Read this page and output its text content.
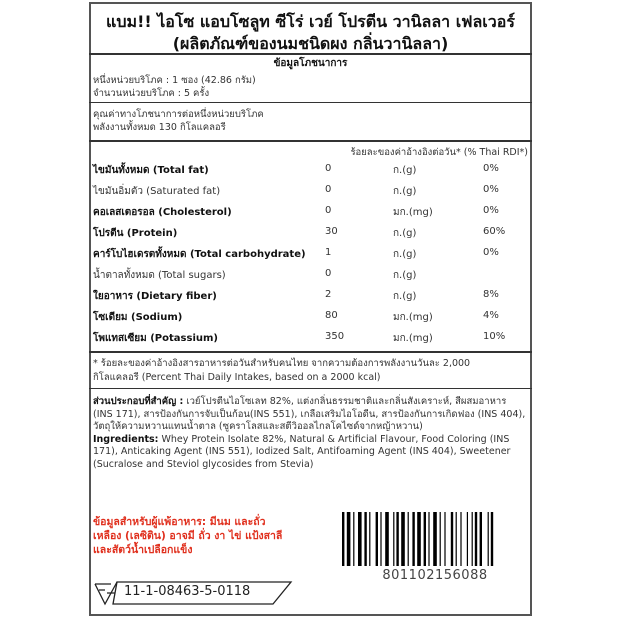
แบม!! ไอโซ แอบโซลูท ซีโร่ เวย์ โปรตีน วานิลลา เฟลเวอร์
(ผลิตภัณฑ์ของนมชนิดผง กลิ่นวานิลลา)
ข้อมูลโภชนาการ
หนึ่งหน่วยบริโภค : 1 ซอง (42.86 กรัม)
จำนวนหน่วยบริโภค : 5 ครั้ง
คุณค่าทางโภชนาการต่อหนึ่งหน่วยบริโภค
พลังงานทั้งหมด 130 กิโลแคลอรี
ร้อยละของค่าอ้างอิงต่อวัน* (% Thai RDI*)
ไขมันทั้งหมด (Total fat)	0	ก.(g)	0%
ไขมันอิ่มตัว (Saturated fat)	0	ก.(g)	0%
คอเลสเตอรอล (Cholesterol)	0	มก.(mg)	0%
โปรตีน (Protein)	30	ก.(g)	60%
คาร์โบไฮเดรตทั้งหมด (Total carbohydrate) 1	ก.(g)	0%
น้ำตาลทั้งหมด (Total sugars)	0	ก.(g)
ใยอาหาร (Dietary fiber)	2	ก.(g)	8%
โซเดียม (Sodium)	80	มก.(mg)	4%
โพแทสเซียม (Potassium)	350	มก.(mg)	10%
* ร้อยละของค่าอ้างอิงสารอาหารต่อวันสำหรับคนไทย จากความต้องการพลังงานวันละ 2,000
กิโลแคลอรี (Percent Thai Daily Intakes, based on a 2000 kcal)

ส่วนประกอบที่สำคัญ : เวย์โปรตีนไอโซเลท 82%, แต่งกลิ่นธรรมชาติและกลิ่นสังเคราะห์, สีผสมอาหาร (INS 171), สารป้องกันการจับเป็นก้อน(INS 551), เกลือเสริมไอโอดีน, สารป้องกันการเกิดฟอง (INS 404), วัตถุให้ความหวานแทนน้ำตาล (ซูคราโลสและสตีวิออลไกลโคไซด์จากหญ้าหวาน)
Ingredients: Whey Protein Isolate 82%, Natural & Artificial Flavour, Food Coloring (INS 171), Anticaking Agent (INS 551), Iodized Salt, Antifoaming Agent (INS 404), Sweetener (Sucralose and Steviol glycosides from Stevia)

ข้อมูลสำหรับผู้แพ้อาหาร: มีนม และถั่วเหลือง (เลซิติน) อาจมี ถั่ว งา ไข่ แป้งสาลี และสัตว์น้ำเปลือกแข็ง
801102156088
11-1-08463-5-0118
